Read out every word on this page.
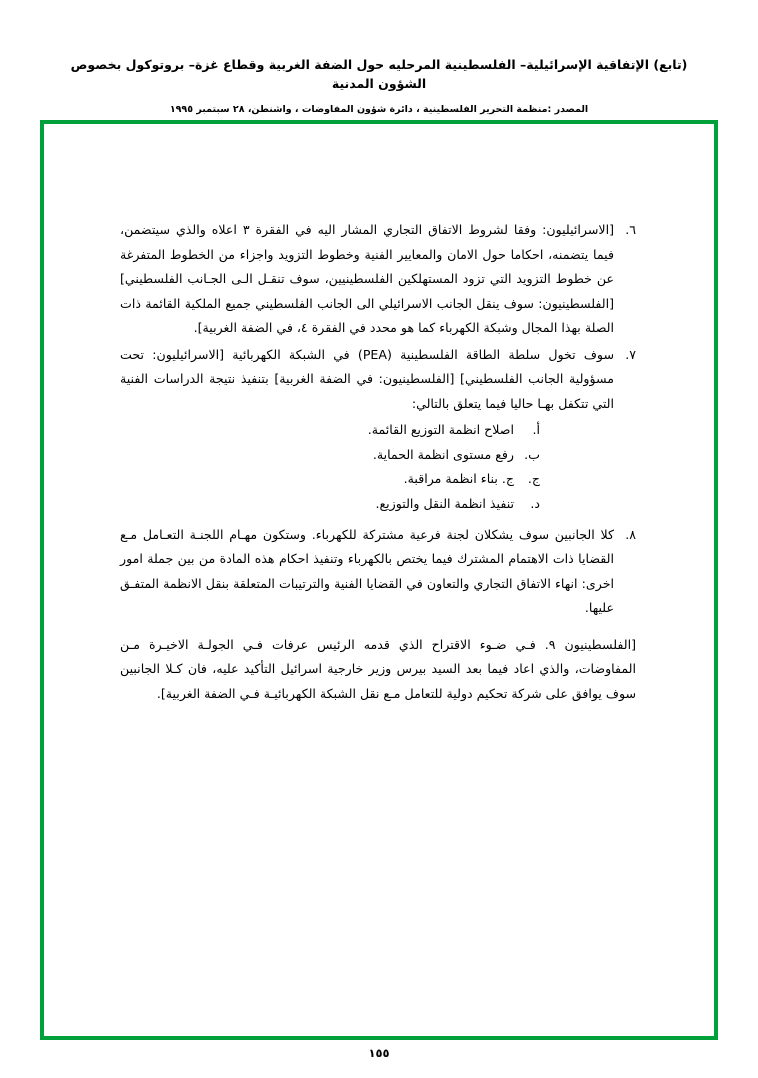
(تابع) الإتفاقية الإسرائيلية– الفلسطينية المرحليه حول الضفة الغربية وقطاع غزة– بروتوكول بخصوص الشؤون المدنية
المصدر :منظمة التحرير الفلسطينية ، دائرة شؤون المفاوضات ، واشنطن، ٢٨ سبتمبر ١٩٩٥
٦.
[الاسرائيليون: وفقا لشروط الاتفاق التجاري المشار اليه في الفقرة ٣ اعلاه والذي سيتضمن، فيما يتضمنه، احكاما حول الامان والمعايير الفنية وخطوط التزويد واجزاء من الخطوط المتفرغة عن خطوط التزويد التي تزود المستهلكين الفلسطينيين، سوف تنقـل الـى الجـانب الفلسطيني] [الفلسطينيون: سوف ينقل الجانب الاسرائيلي الى الجانب الفلسطيني جميع الملكية القائمة ذات الصلة بهذا المجال وشبكة الكهرباء كما هو محدد في الفقرة ٤، في الضفة الغربية].
٧.
سوف تخول سلطة الطاقة الفلسطينية (PEA) في الشبكة الكهربائية [الاسرائيليون: تحت مسؤولية الجانب الفلسطيني] [الفلسطينيون: في الضفة الغربية] بتنفيذ نتيجة الدراسات الفنية التي تتكفل بهـا حاليا فيما يتعلق بالتالي:
أ.
اصلاح انظمة التوزيع القائمة.
ب.
رفع مستوى انظمة الحماية.
ج.
ج. بناء انظمة مراقبة.
د.
تنفيذ انظمة النقل والتوزيع.
٨.
كلا الجانبين سوف يشكلان لجنة فرعية مشتركة للكهرباء. وستكون مهـام اللجنـة التعـامل مـع القضايا ذات الاهتمام المشترك فيما يختص بالكهرباء وتنفيذ احكام هذه المادة من بين جملة امور اخرى: انهاء الاتفاق التجاري والتعاون في القضايا الفنية والترتيبات المتعلقة بنقل الانظمة المتفـق عليها.
[الفلسطينيون ٩. فـي ضـوء الاقتراح الذي قدمه الرئيس عرفات فـي الجولـة الاخيـرة مـن المفاوضات، والذي اعاد فيما بعد السيد بيرس وزير خارجية اسرائيل التأكيد عليه، فان كـلا الجانبين سوف يوافق على شركة تحكيم دولية للتعامل مـع نقل الشبكة الكهربائيـة فـي الضفة الغربية].
١٥٥
